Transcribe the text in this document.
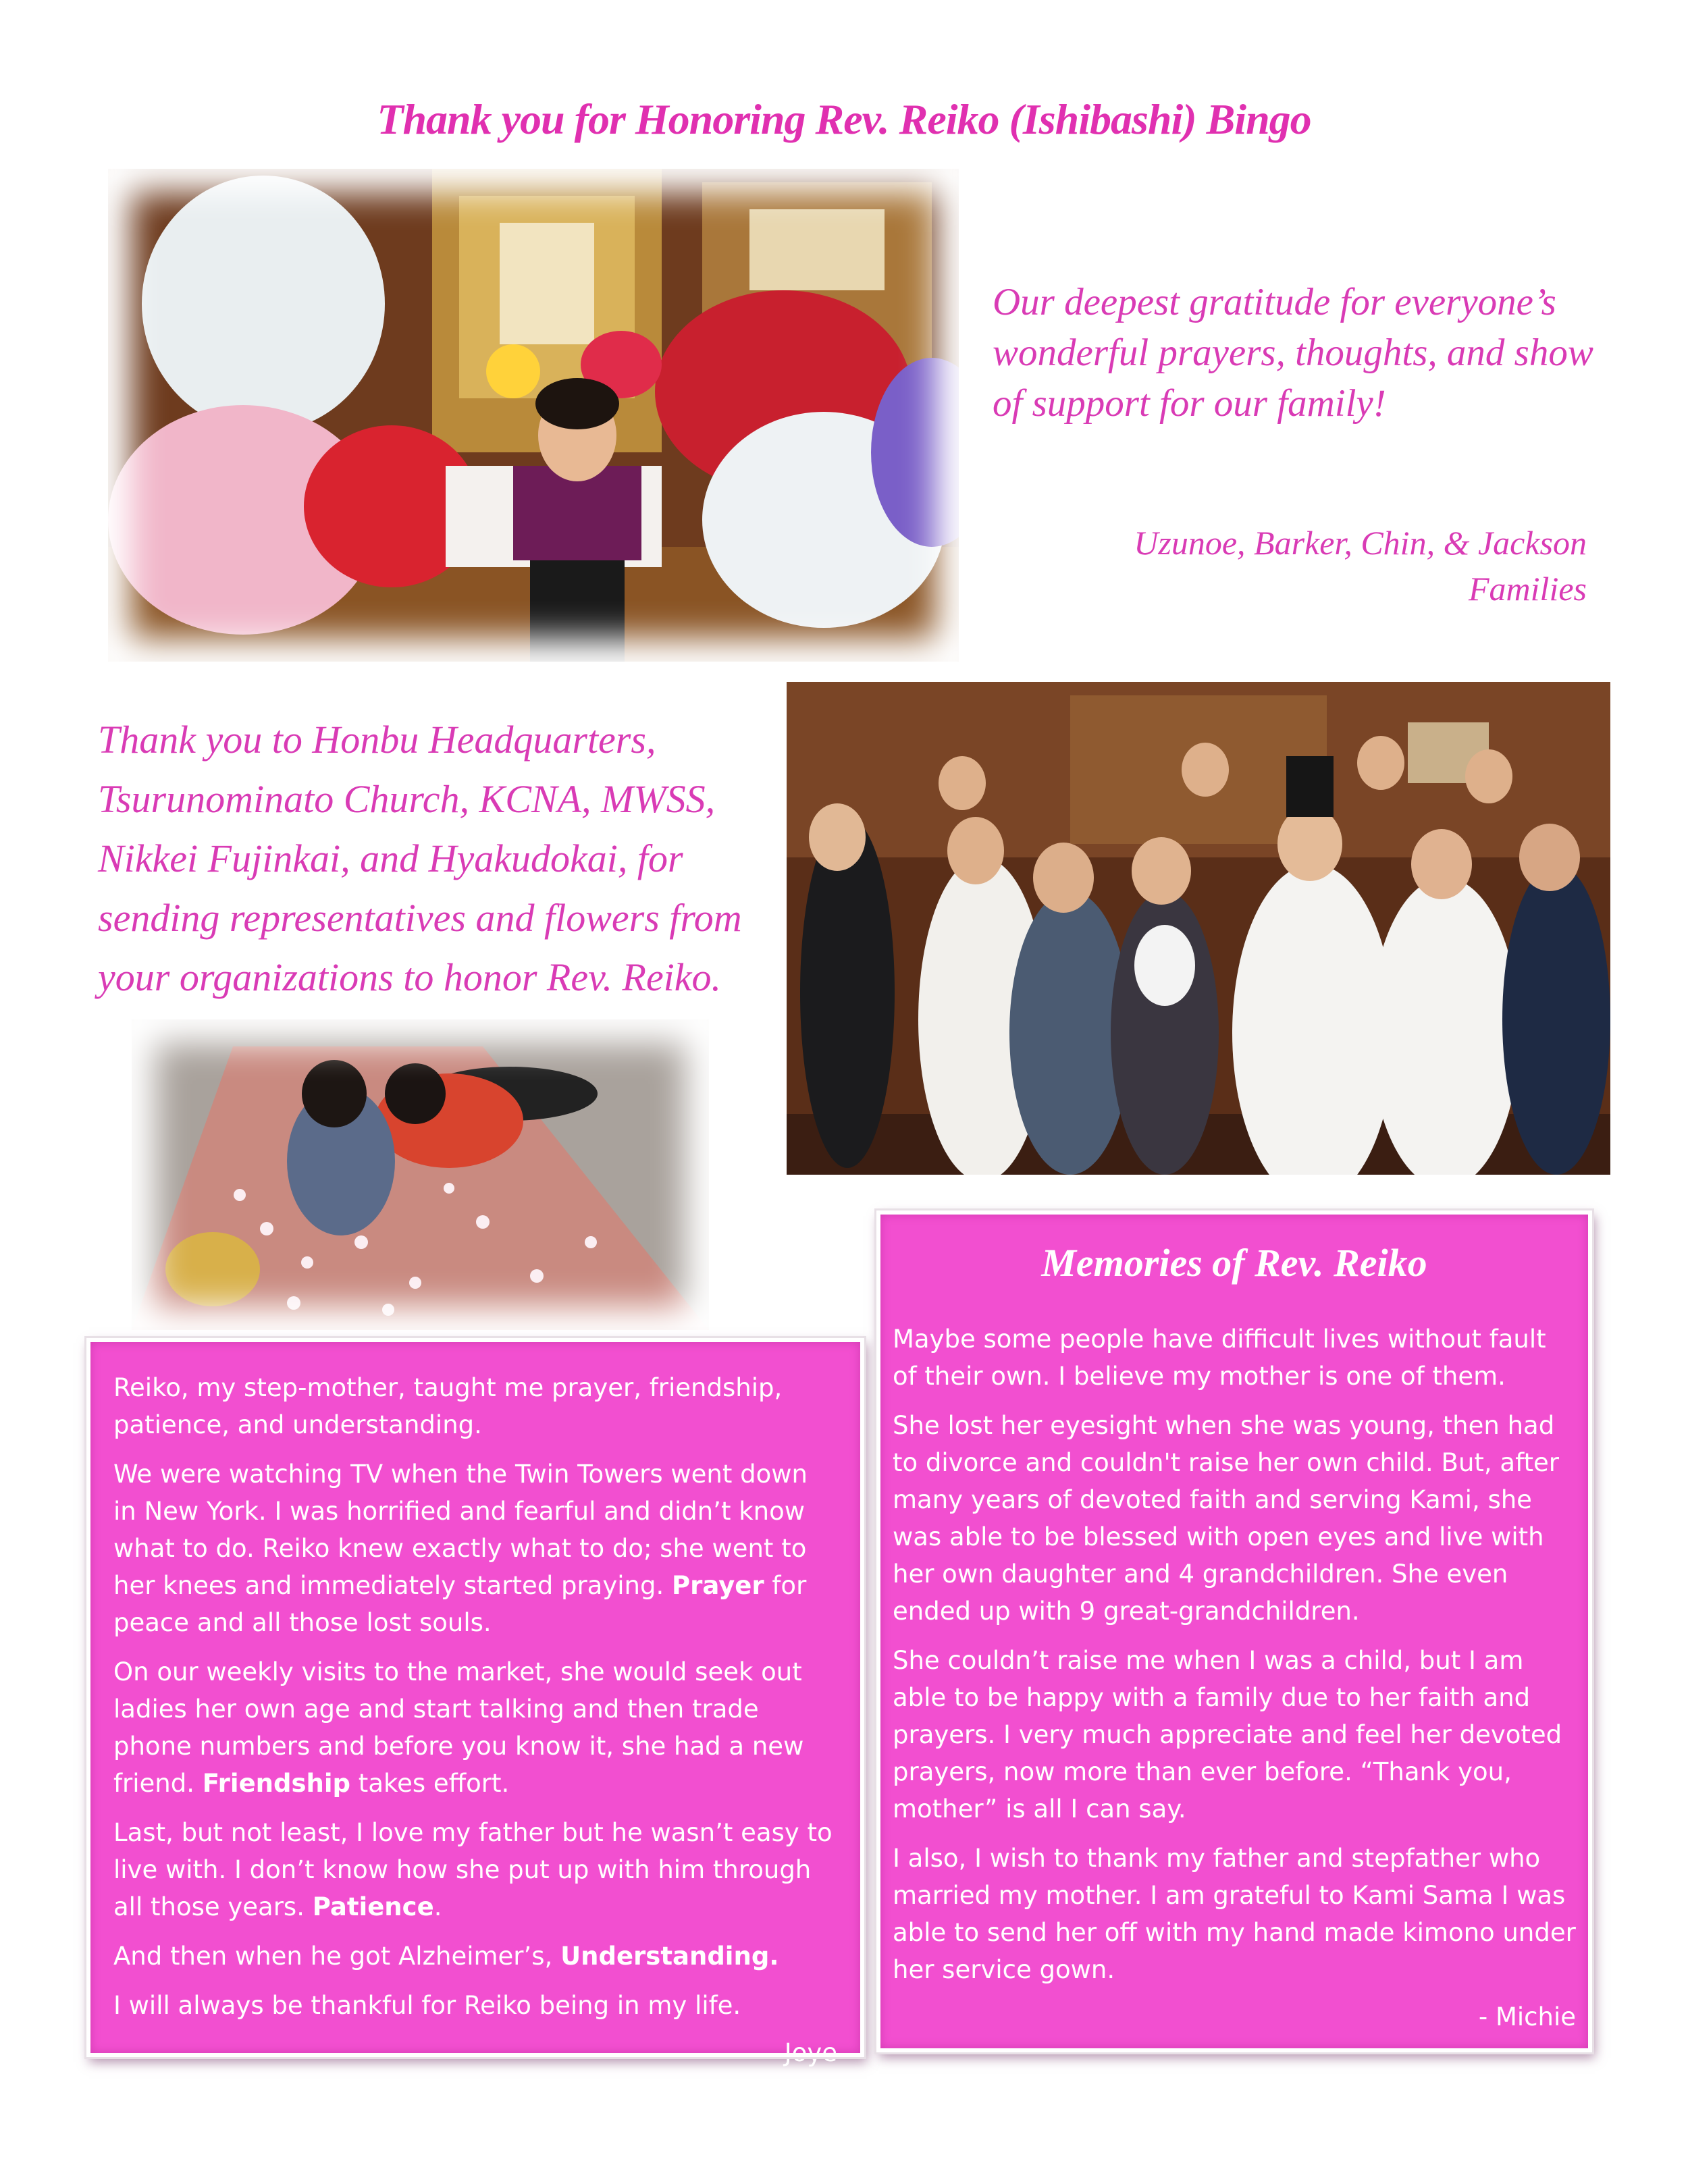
Thank you for Honoring Rev. Reiko (Ishibashi) Bingo
Our deepest gratitude for everyone’s wonderful prayers, thoughts, and show of support for our family!
Uzunoe, Barker, Chin, & Jackson
Families
Thank you to Honbu Headquarters, Tsurunominato Church, KCNA, MWSS, Nikkei Fujinkai, and Hyakudokai, for sending representatives and flowers from your organizations to honor Rev. Reiko.

Reiko, my step-mother, taught me prayer, friendship, patience, and understanding.

We were watching TV when the Twin Towers went down in New York. I was horrified and fearful and didn’t know what to do. Reiko knew exactly what to do; she went to her knees and immediately started praying. Prayer for peace and all those lost souls.

On our weekly visits to the market, she would seek out ladies her own age and start talking and then trade phone numbers and before you know it, she had a new friend. Friendship takes effort.

Last, but not least, I love my father but he wasn’t easy to live with. I don’t know how she put up with him through all those years. Patience.

And then when he got Alzheimer’s, Understanding.

I will always be thankful for Reiko being in my life.

- Joye
Memories of Rev. Reiko

Maybe some people have difficult lives without fault of their own. I believe my mother is one of them.

She lost her eyesight when she was young, then had to divorce and couldn't raise her own child. But, after many years of devoted faith and serving Kami, she was able to be blessed with open eyes and live with her own daughter and 4 grandchildren. She even ended up with 9 great-grandchildren.

She couldn’t raise me when I was a child, but I am able to be happy with a family due to her faith and prayers. I very much appreciate and feel her devoted prayers, now more than ever before. “Thank you, mother” is all I can say.

I also, I wish to thank my father and stepfather who married my mother. I am grateful to Kami Sama I was able to send her off with my hand made kimono under her service gown.

- Michie
